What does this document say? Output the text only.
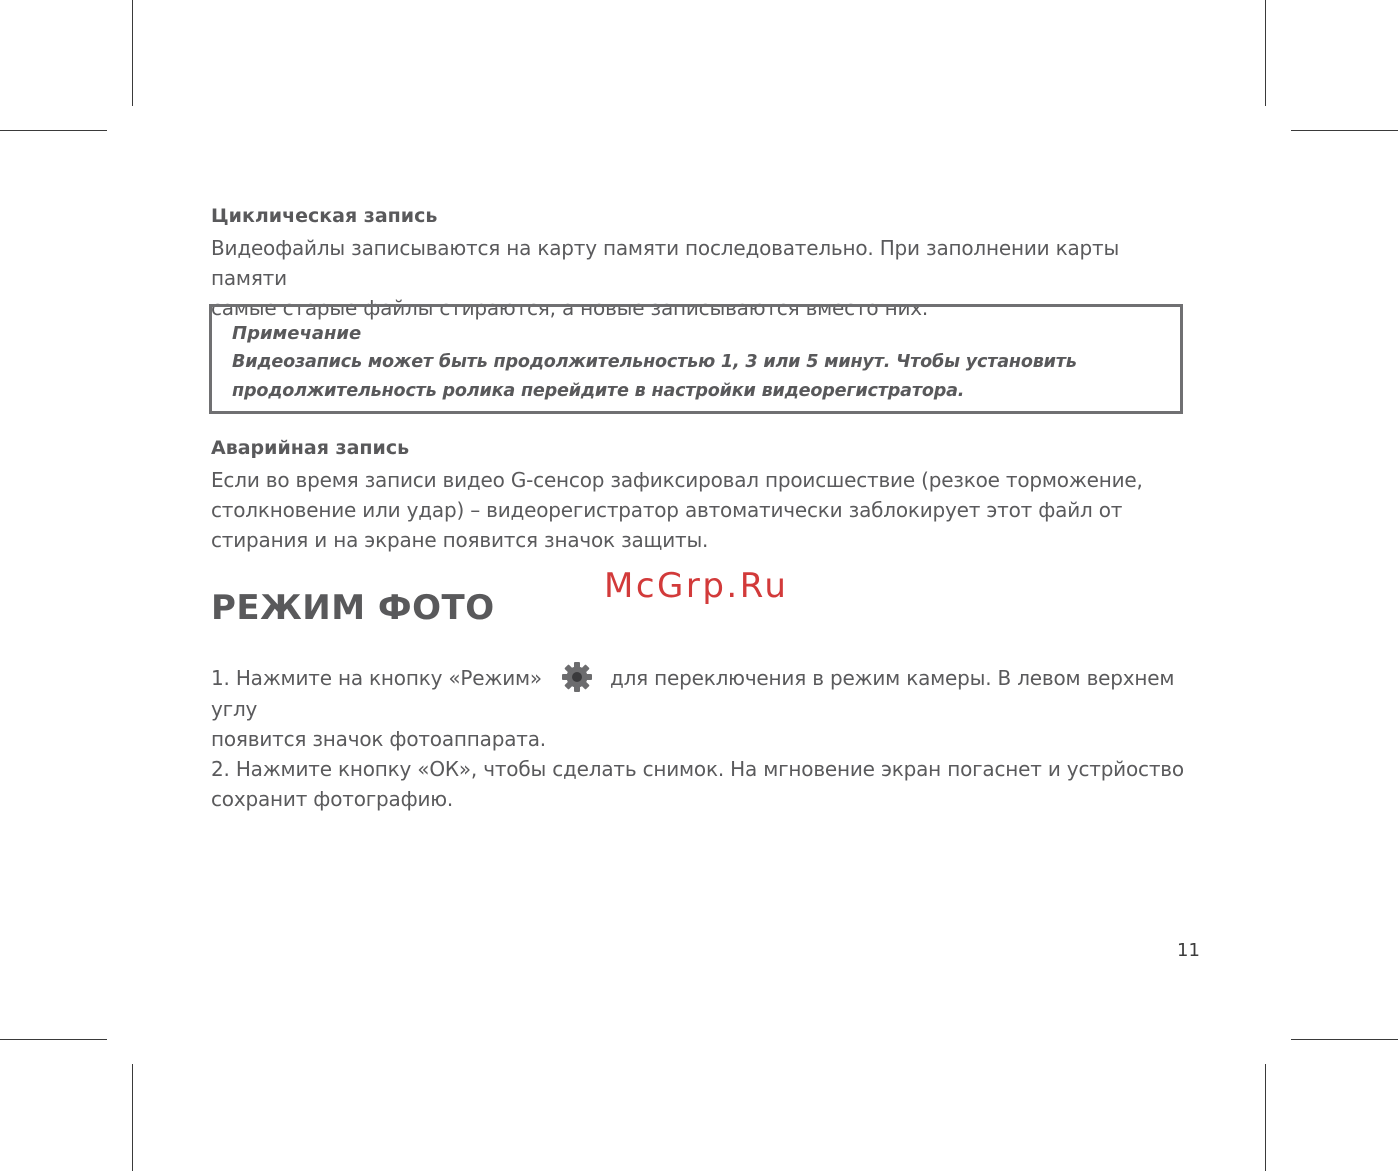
Циклическая запись

Видеофайлы записываются на карту памяти последовательно. При заполнении карты памяти

самые старые файлы стираются, а новые записываются вместо них.

Примечание

Видеозапись может быть продолжительностью 1, 3 или 5 минут. Чтобы установить

продолжительность ролика перейдите в настройки видеорегистратора.

Аварийная запись

Если во время записи видео G-сенсор зафиксировал происшествие (резкое торможение,

столкновение или удар) – видеорегистратор автоматически заблокирует этот файл от

стирания и на экране появится значок защиты.

РЕЖИМ ФОТО
McGrp.Ru

1. Нажмите на кнопку «Режим»	для переключения в режим камеры. В левом верхнем углу

появится значок фотоаппарата.

2. Нажмите кнопку «ОК», чтобы сделать снимок. На мгновение экран погаснет и устрйоство

сохранит фотографию.

11
